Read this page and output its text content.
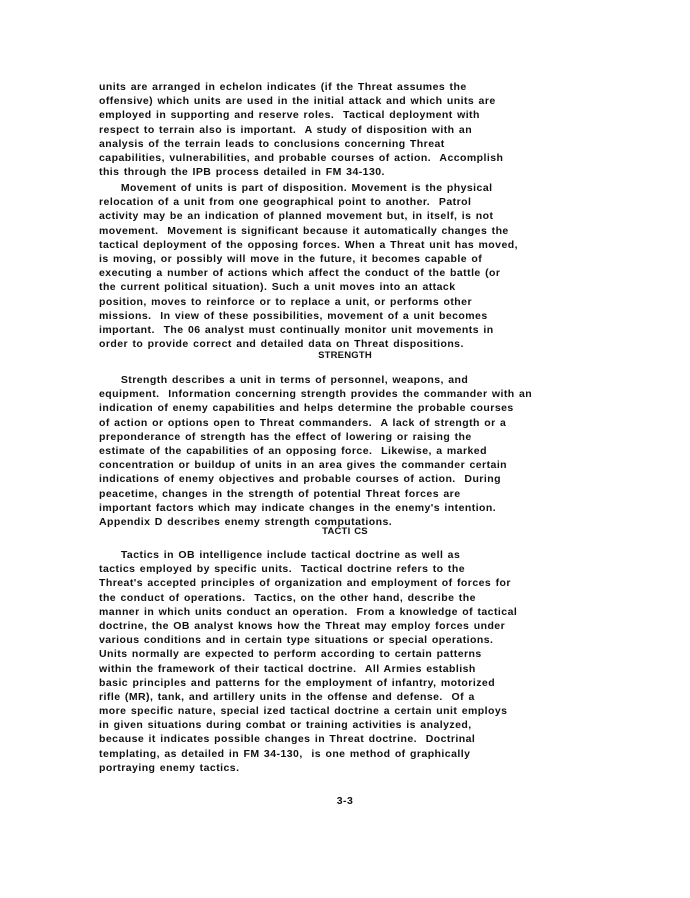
units are arranged in echelon indicates (if the Threat assumes the
offensive) which units are used in the initial attack and which units are
employed in supporting and reserve roles.  Tactical deployment with
respect to terrain also is important.  A study of disposition with an
analysis of the terrain leads to conclusions concerning Threat
capabilities, vulnerabilities, and probable courses of action.  Accomplish
this through the IPB process detailed in FM 34-130.
Movement of units is part of disposition. Movement is the physical
relocation of a unit from one geographical point to another.  Patrol
activity may be an indication of planned movement but, in itself, is not
movement.  Movement is significant because it automatically changes the
tactical deployment of the opposing forces. When a Threat unit has moved,
is moving, or possibly will move in the future, it becomes capable of
executing a number of actions which affect the conduct of the battle (or
the current political situation). Such a unit moves into an attack
position, moves to reinforce or to replace a unit, or performs other
missions.  In view of these possibilities, movement of a unit becomes
important.  The 06 analyst must continually monitor unit movements in
order to provide correct and detailed data on Threat dispositions.
STRENGTH
Strength describes a unit in terms of personnel, weapons, and
equipment.  Information concerning strength provides the commander with an
indication of enemy capabilities and helps determine the probable courses
of action or options open to Threat commanders.  A lack of strength or a
preponderance of strength has the effect of lowering or raising the
estimate of the capabilities of an opposing force.  Likewise, a marked
concentration or buildup of units in an area gives the commander certain
indications of enemy objectives and probable courses of action.  During
peacetime, changes in the strength of potential Threat forces are
important factors which may indicate changes in the enemy's intention.
Appendix D describes enemy strength computations.
TACTI CS
Tactics in OB intelligence include tactical doctrine as well as
tactics employed by specific units.  Tactical doctrine refers to the
Threat's accepted principles of organization and employment of forces for
the conduct of operations.  Tactics, on the other hand, describe the
manner in which units conduct an operation.  From a knowledge of tactical
doctrine, the OB analyst knows how the Threat may employ forces under
various conditions and in certain type situations or special operations.
Units normally are expected to perform according to certain patterns
within the framework of their tactical doctrine.  All Armies establish
basic principles and patterns for the employment of infantry, motorized
rifle (MR), tank, and artillery units in the offense and defense.  Of a
more specific nature, special ized tactical doctrine a certain unit employs
in given situations during combat or training activities is analyzed,
because it indicates possible changes in Threat doctrine.  Doctrinal
templating, as detailed in FM 34-130,  is one method of graphically
portraying enemy tactics.
3-3
